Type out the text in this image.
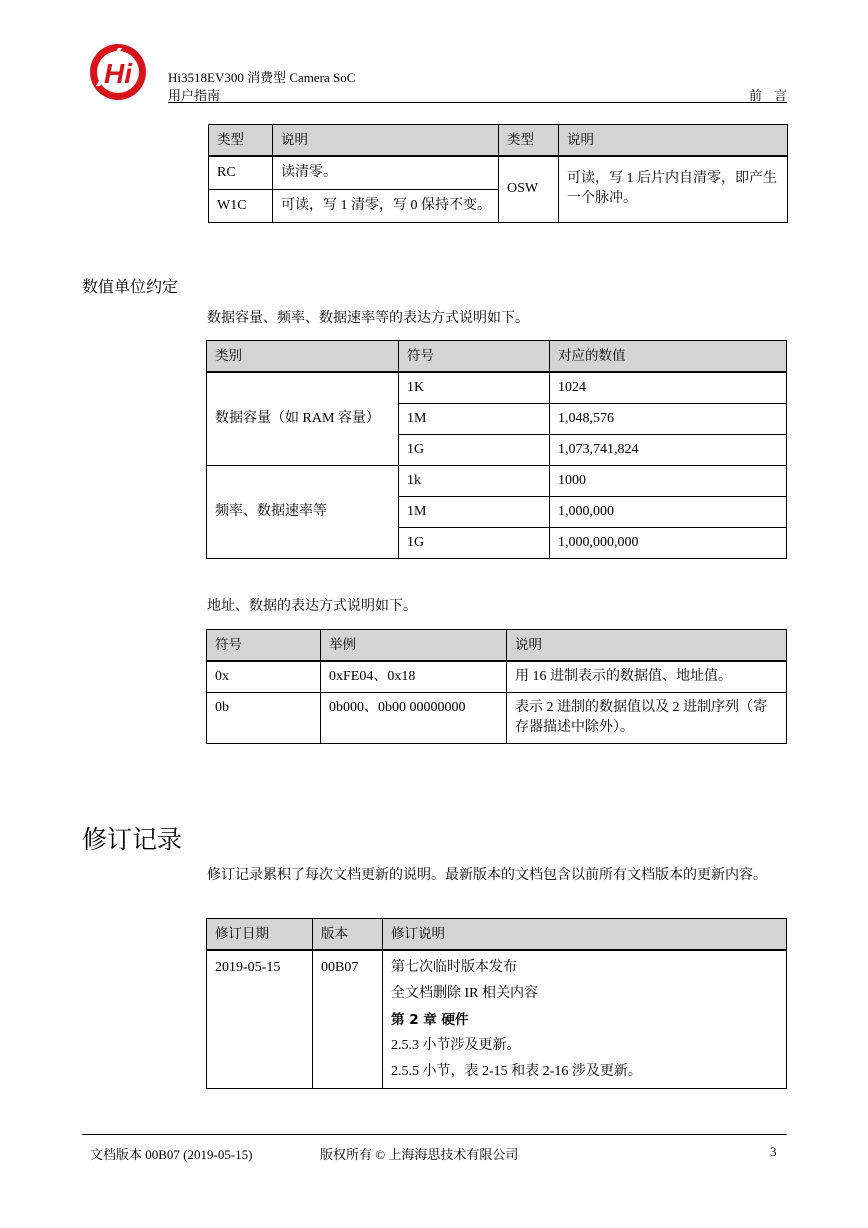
Hi	Hi3518EV300 消费型 Camera SoC
用户指南	前言
类型	说明	类型	说明
RC	读清零。	OSW	可读，写 1 后片内自清零，即产生一个脉冲。
W1C	可读，写 1 清零，写 0 保持不变。		
数值单位约定
数据容量、频率、数据速率等的表达方式说明如下。
类别	符号	对应的数值
数据容量（如 RAM 容量）	1K	1024
	1M	1,048,576
	1G	1,073,741,824
频率、数据速率等	1k	1000
	1M	1,000,000
	1G	1,000,000,000
地址、数据的表达方式说明如下。
符号	举例	说明
0x	0xFE04、0x18	用 16 进制表示的数据值、地址值。
0b	0b000、0b00 00000000	表示 2 进制的数据值以及 2 进制序列（寄存器描述中除外）。
修订记录
修订记录累积了每次文档更新的说明。最新版本的文档包含以前所有文档版本的更新内容。
修订日期	版本	修订说明
2019-05-15	00B07	第七次临时版本发布
全文档删除 IR 相关内容
第 2 章 硬件
2.5.3 小节涉及更新。
2.5.5 小节，表 2-15 和表 2-16 涉及更新。
文档版本 00B07 (2019-05-15)	版权所有 © 上海海思技术有限公司	3
